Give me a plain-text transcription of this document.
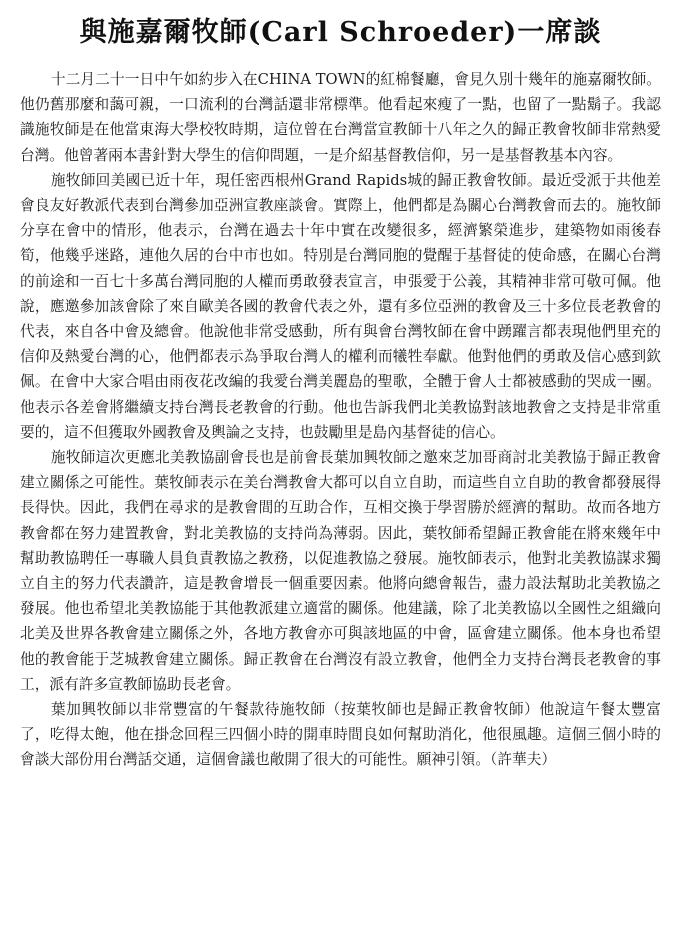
與施嘉爾牧師(Carl Schroeder)一席談

十二月二十一日中午如約步入在CHINA TOWN的紅棉餐廳，會見久別十幾年的施嘉爾牧師。他仍舊那麼和藹可親，一口流利的台灣話還非常標準。他看起來瘦了一點，也留了一點鬍子。我認識施牧師是在他當東海大學校牧時期，這位曾在台灣當宣教師十八年之久的歸正教會牧師非常熱愛台灣。他曾著兩本書針對大學生的信仰問題，一是介紹基督教信仰，另一是基督教基本內容。

施牧師回美國已近十年，現任密西根州Grand Rapids城的歸正教會牧師。最近受派于共他差會良友好教派代表到台灣參加亞洲宣教座談會。實際上，他們都是為關心台灣教會而去的。施牧師分享在會中的情形，他表示，台灣在過去十年中實在改變很多，經濟繁榮進步，建築物如雨後春筍，他幾乎迷路，連他久居的台中市也如。特別是台灣同胞的覺醒于基督徒的使命感，在關心台灣的前途和一百七十多萬台灣同胞的人權而勇敢發表宣言，申張愛于公義，其精神非常可敬可佩。他說，應邀參加該會除了來自歐美各國的教會代表之外，還有多位亞洲的教會及三十多位長老教會的代表，來自各中會及總會。他說他非常受感動，所有與會台灣牧師在會中踴躍言都表現他們里充的信仰及熱愛台灣的心，他們都表示為爭取台灣人的權利而犧牲奉獻。他對他們的勇敢及信心感到欽佩。在會中大家合唱由雨夜花改編的我愛台灣美麗島的聖歌，全體于會人士都被感動的哭成一團。他表示各差會將繼續支持台灣長老教會的行動。他也告訴我們北美教協對該地教會之支持是非常重要的，這不但獲取外國教會及輿論之支持，也鼓勵里是島內基督徒的信心。

施牧師這次更應北美教協副會長也是前會長葉加興牧師之邀來芝加哥商討北美教協于歸正教會建立關係之可能性。葉牧師表示在美台灣教會大都可以自立自助，而這些自立自助的教會都發展得長得快。因此，我們在尋求的是教會間的互助合作，互相交換于學習勝於經濟的幫助。故而各地方教會都在努力建置教會，對北美教協的支持尚為薄弱。因此，葉牧師希望歸正教會能在將來幾年中幫助教協聘任一專職人員負責教協之教務，以促進教協之發展。施牧師表示，他對北美教協謀求獨立自主的努力代表讚許，這是教會增長一個重要因素。他將向總會報告，盡力設法幫助北美教協之發展。他也希望北美教協能于其他教派建立適當的關係。他建議，除了北美教協以全國性之組織向北美及世界各教會建立關係之外，各地方教會亦可與該地區的中會，區會建立關係。他本身也希望他的教會能于芝城教會建立關係。歸正教會在台灣沒有設立教會，他們全力支持台灣長老教會的事工，派有許多宣教師協助長老會。

葉加興牧師以非常豐富的午餐款待施牧師（按葉牧師也是歸正教會牧師）他說這午餐太豐富了，吃得太飽，他在掛念回程三四個小時的開車時間良如何幫助消化，他很風趣。這個三個小時的會談大部份用台灣話交通，這個會議也敞開了很大的可能性。願神引領。（許華夫）
